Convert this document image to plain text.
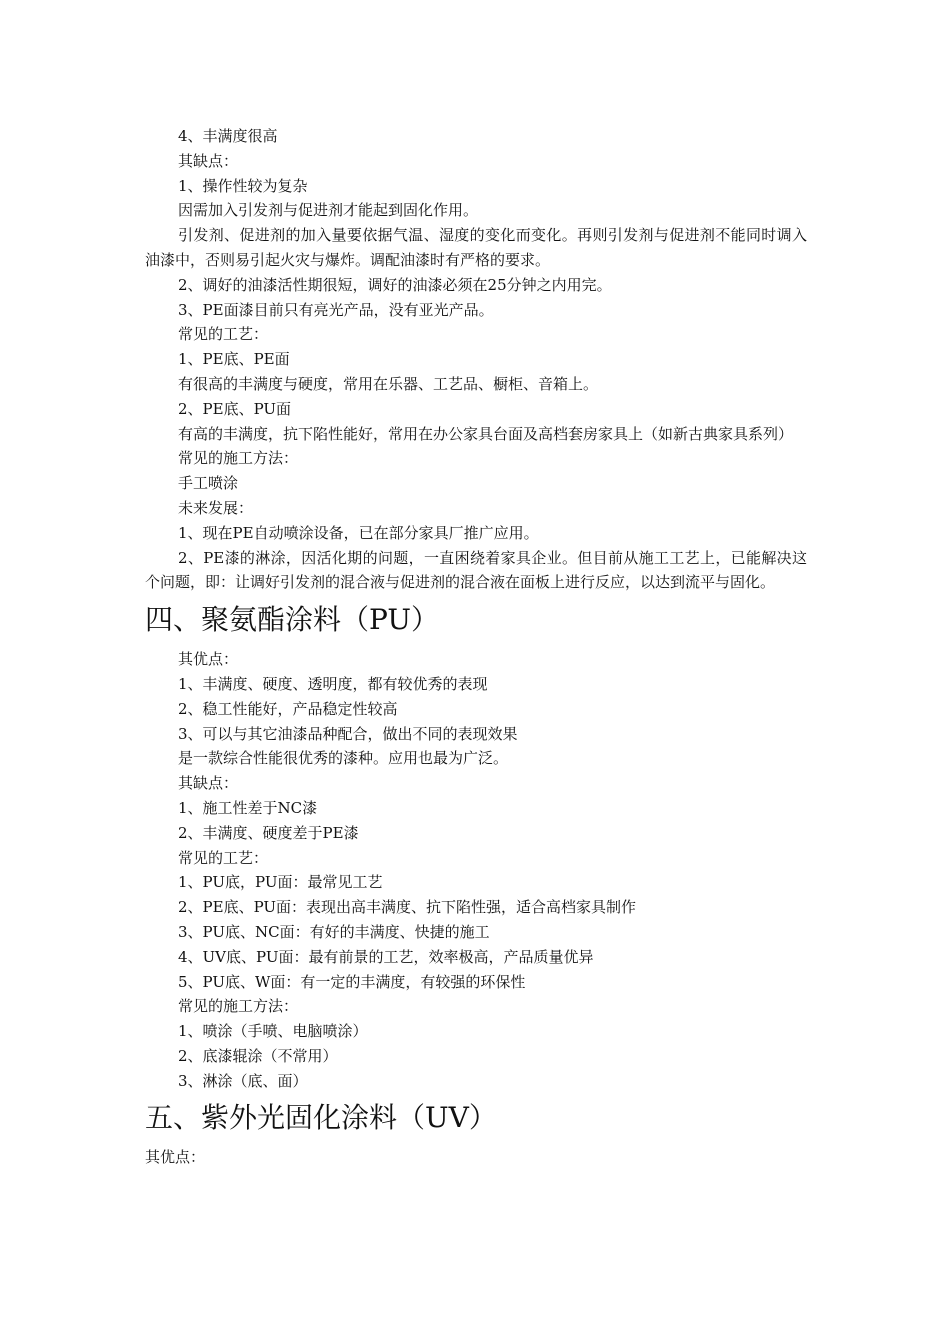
4、丰满度很高
其缺点：
1、操作性较为复杂
因需加入引发剂与促进剂才能起到固化作用。
引发剂、促进剂的加入量要依据气温、湿度的变化而变化。再则引发剂与促进剂不能同时调入油漆中，否则易引起火灾与爆炸。调配油漆时有严格的要求。
2、调好的油漆活性期很短，调好的油漆必须在25分钟之内用完。
3、PE面漆目前只有亮光产品，没有亚光产品。
常见的工艺：
1、PE底、PE面
有很高的丰满度与硬度，常用在乐器、工艺品、橱柜、音箱上。
2、PE底、PU面
有高的丰满度，抗下陷性能好，常用在办公家具台面及高档套房家具上（如新古典家具系列）
常见的施工方法：
手工喷涂
未来发展：
1、现在PE自动喷涂设备，已在部分家具厂推广应用。
2、PE漆的淋涂，因活化期的问题，一直困绕着家具企业。但目前从施工工艺上，已能解决这个问题，即：让调好引发剂的混合液与促进剂的混合液在面板上进行反应，以达到流平与固化。
四、聚氨酯涂料（PU）
其优点：
1、丰满度、硬度、透明度，都有较优秀的表现
2、稳工性能好，产品稳定性较高
3、可以与其它油漆品种配合，做出不同的表现效果
是一款综合性能很优秀的漆种。应用也最为广泛。
其缺点：
1、施工性差于NC漆
2、丰满度、硬度差于PE漆
常见的工艺：
1、PU底，PU面：最常见工艺
2、PE底、PU面：表现出高丰满度、抗下陷性强，适合高档家具制作
3、PU底、NC面：有好的丰满度、快捷的施工
4、UV底、PU面：最有前景的工艺，效率极高，产品质量优异
5、PU底、W面：有一定的丰满度，有较强的环保性
常见的施工方法：
1、喷涂（手喷、电脑喷涂）
2、底漆辊涂（不常用）
3、淋涂（底、面）
五、紫外光固化涂料（UV）
其优点：
